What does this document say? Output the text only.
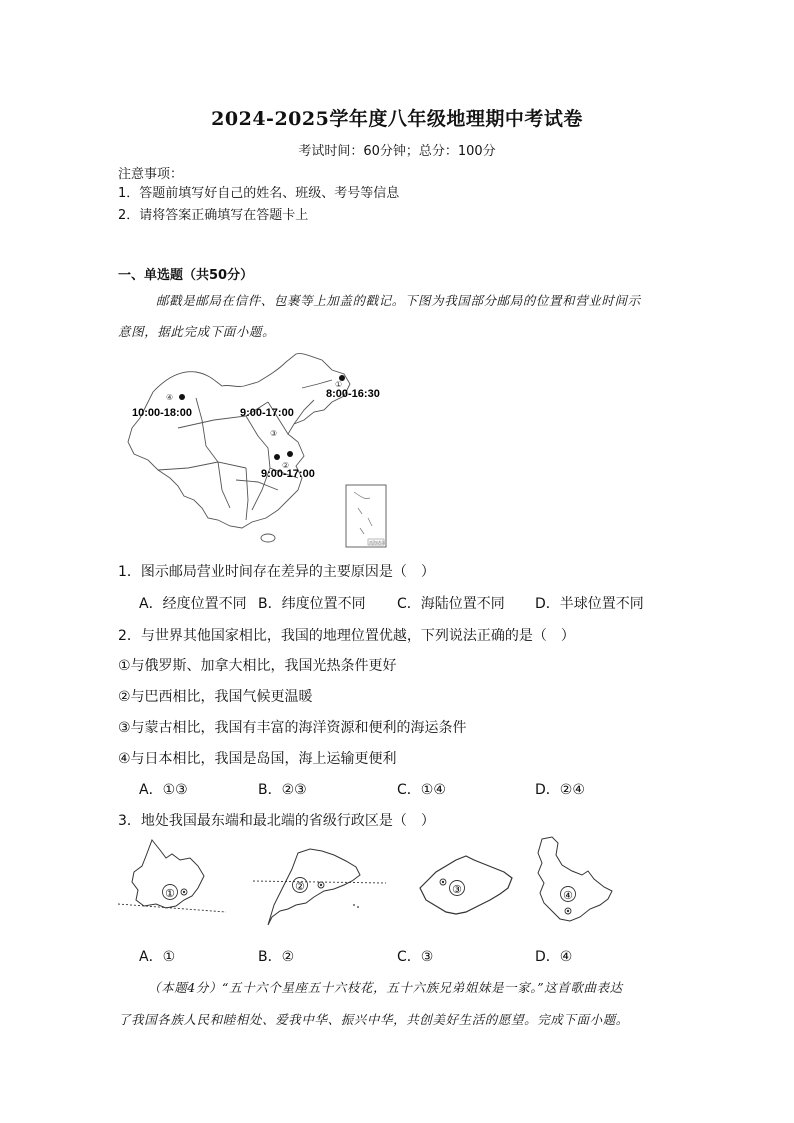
2024-2025学年度八年级地理期中考试卷
考试时间：60分钟；总分：100分
注意事项：
1．答题前填写好自己的姓名、班级、考号等信息
2．请将答案正确填写在答题卡上
一、单选题（共50分）
邮戳是邮局在信件、包裹等上加盖的戳记。下图为我国部分邮局的位置和营业时间示
意图，据此完成下面小题。
④
①
③
②
10:00-18:00	9:00-17:00
8:00-16:30
9:00-17:00
南海诸岛
1．图示邮局营业时间存在差异的主要原因是（　）
A．经度位置不同 B．纬度位置不同 C．海陆位置不同 D．半球位置不同
2．与世界其他国家相比，我国的地理位置优越，下列说法正确的是（　）
①与俄罗斯、加拿大相比，我国光热条件更好
②与巴西相比，我国气候更温暖
③与蒙古相比，我国有丰富的海洋资源和便利的海运条件
④与日本相比，我国是岛国，海上运输更便利
A．①③	B．②③	C．①④	D．②④
3．地处我国最东端和最北端的省级行政区是（　）
①
②	③	④
A．①	B．②	C．③	D．④
（本题4分）“五十六个星座五十六枝花，五十六族兄弟姐妹是一家。”这首歌曲表达
了我国各族人民和睦相处、爱我中华、振兴中华，共创美好生活的愿望。完成下面小题。
